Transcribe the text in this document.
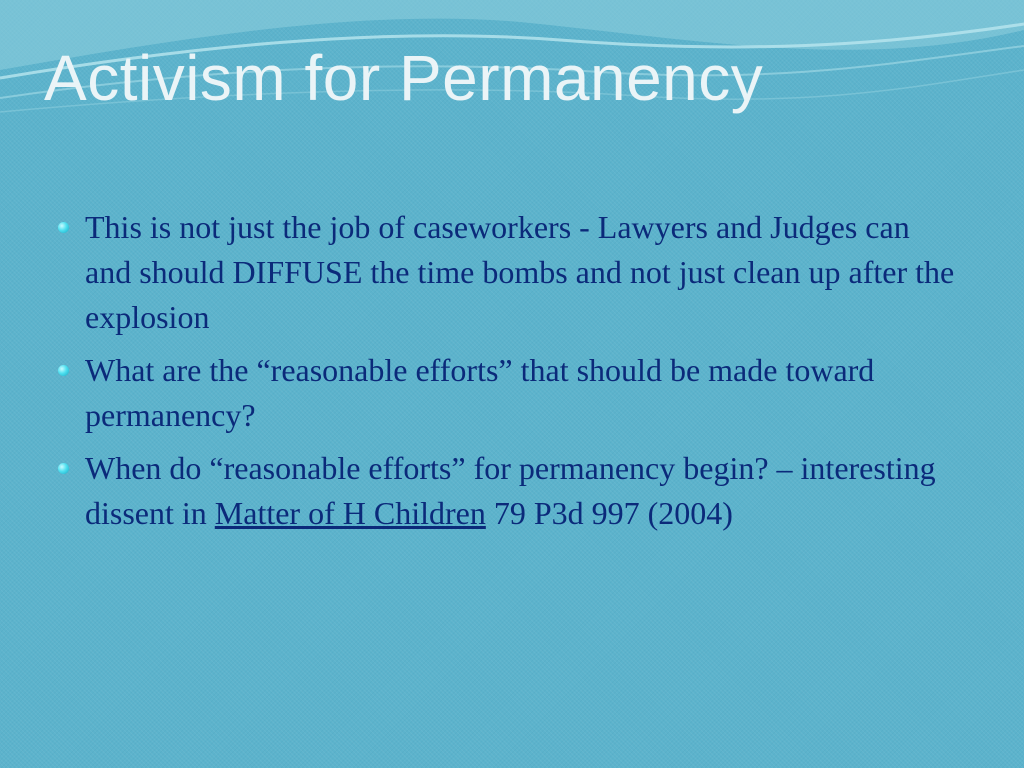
Activism for Permanency
This is not just the job of caseworkers - Lawyers and Judges can and should DIFFUSE the time bombs and not just clean up after the explosion
What are the “reasonable efforts” that should be made toward permanency?
When do “reasonable efforts” for permanency begin? – interesting dissent in Matter of H Children 79 P3d 997 (2004)
